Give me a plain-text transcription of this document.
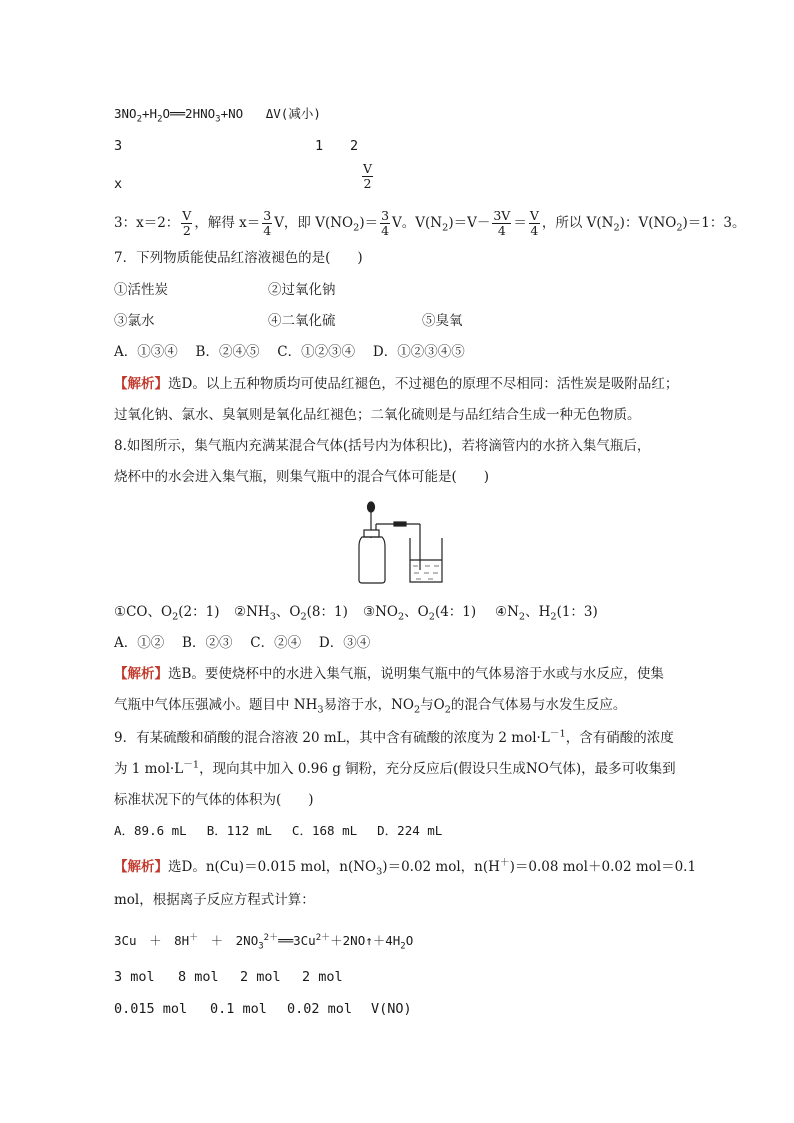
$3NO_2+H_2O══2HNO_3+NO$ ΔV(减小)
3	1 2
x	$\frac{V}{2}$
3：x＝2： $\frac{V}{2}$ ，解得 $x= \frac{3}{4}$ V，即 $V(NO_2)= \frac{3}{4}$ V。$V(N_2)=V- \frac{3V}{4} = \frac{V}{4}$ ，所以 $V(N_2)$：$V(NO_2)=1$：3。
7．下列物质能使品红溶液褪色的是(　　)
①活性炭	②过氧化钠
③氯水	④二氧化硫	⑤臭氧
A．①③④　 B．②④⑤　 C．①②③④　 D．①②③④⑤
【解析】选D。以上五种物质均可使品红褪色，不过褪色的原理不尽相同：活性炭是吸附品红；
过氧化钠、氯水、臭氧则是氧化品红褪色；二氧化硫则是与品红结合生成一种无色物质。
8.如图所示，集气瓶内充满某混合气体(括号内为体积比)，若将滴管内的水挤入集气瓶后，
烧杯中的水会进入集气瓶，则集气瓶中的混合气体可能是(　　)
①CO、$O_2(2$：1) $②NH_3$、$O_2(8$：1) $③NO_2$、$O_2(4$：1) $④N_2$、$H_2(1$：3)
A．①②　 B．②③　 C．②④　 D．③④
【解析】选B。要使烧杯中的水进入集气瓶，说明集气瓶中的气体易溶于水或与水反应，使集
气瓶中气体压强减小。题目中 $NH_3$易溶于水，$NO_2$与$O_2$的混合气体易与水发生反应。
9．有某硫酸和硝酸的混合溶液 20 mL，其中含有硫酸的浓度为 2 $mol\cdot L^{-1}$，含有硝酸的浓度
为 1 $mol\cdot L^{-1}$，现向其中加入 0.96 g 铜粉，充分反应后(假设只生成NO气体)，最多可收集到
标准状况下的气体的体积为(　　)
A．89.6 mL　 B．112 mL　 C．168 mL　 D．224 mL
【解析】选D。n(Cu)＝0.015 mol，$n(NO_3)=0.02$ mol，n(H＋)＝0.08 mol＋0.02 mol＝0.1
mol，根据离子反应方程式计算：
3Cu　＋　8H＋　＋　$2NO_3^{2+}══3Cu^{2+}+2NO↑+4H_2O$
3 mol 8 mol 2 mol 2 mol
0.015 mol 0.1 mol 0.02 mol V(NO)
